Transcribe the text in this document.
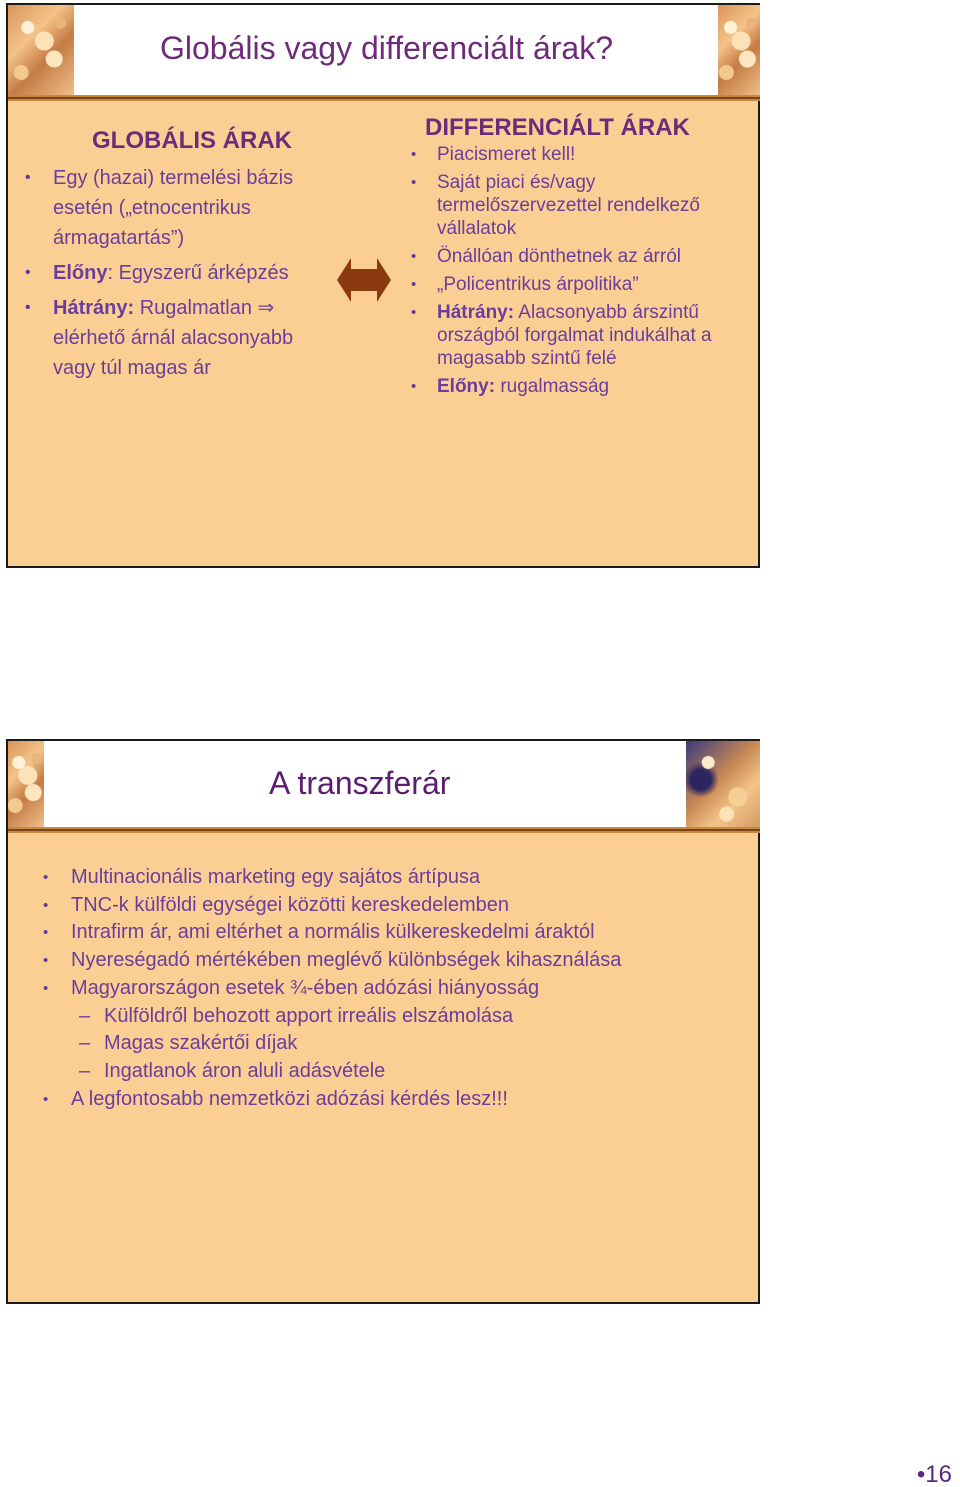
Globális vagy differenciált árak?
GLOBÁLIS ÁRAK	DIFFERENCIÁLT ÁRAK
• Egy (hazai) termelési bázis esetén („etnocentrikus ármagatartás”)
• Előny: Egyszerű árképzés
• Hátrány: Rugalmatlan ⇒ elérhető árnál alacsonyabb vagy túl magas ár
• Piacismeret kell!
• Saját piaci és/vagy termelőszervezettel rendelkező vállalatok
• Önállóan dönthetnek az árról
• „Policentrikus árpolitika”
• Hátrány: Alacsonyabb árszintű országból forgalmat indukálhat a magasabb szintű felé
• Előny: rugalmasság
A transzferár
• Multinacionális marketing egy sajátos ártípusa
• TNC-k külföldi egységei közötti kereskedelemben
• Intrafirm ár, ami eltérhet a normális külkereskedelmi áraktól
• Nyereségadó mértékében meglévő különbségek kihasználása
• Magyarországon esetek ¾-ében adózási hiányosság
– Külföldről behozott apport irreális elszámolása
– Magas szakértői díjak
– Ingatlanok áron aluli adásvétele
• A legfontosabb nemzetközi adózási kérdés lesz!!!
•16
